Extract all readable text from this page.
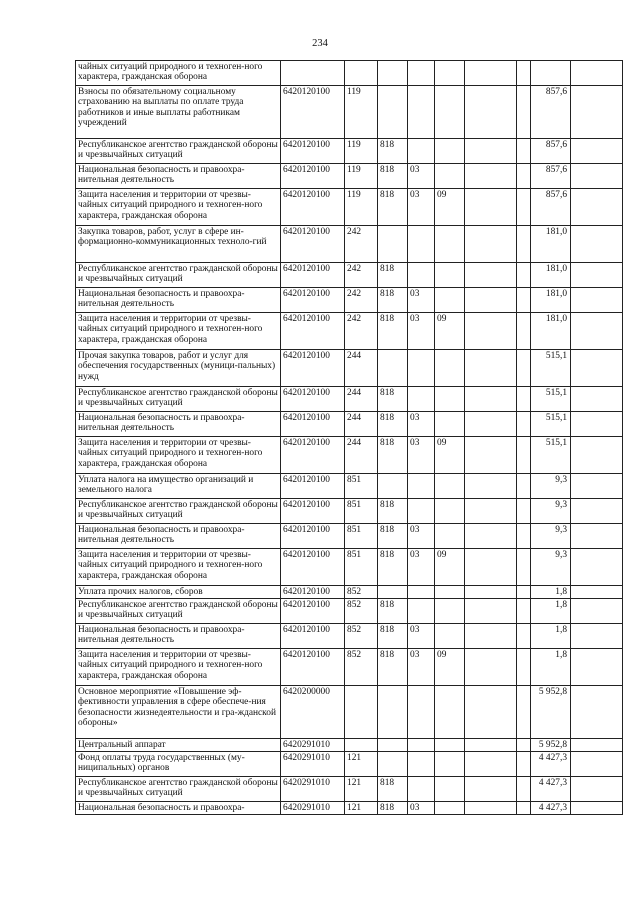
234
чайных ситуаций природного и техноген-ного характера, гражданская оборона									
Взносы по обязательному социальному страхованию на выплаты по оплате труда работников и иные выплаты работникам учреждений	6420120100	119						857,6	
Республиканское агентство гражданской обороны и чрезвычайных ситуаций	6420120100	119	818					857,6	
Национальная безопасность и правоохра-нительная деятельность	6420120100	119	818	03				857,6	
Защита населения и территории от чрезвы-чайных ситуаций природного и техноген-ного характера, гражданская оборона	6420120100	119	818	03	09			857,6	
Закупка товаров, работ, услуг в сфере ин-формационно-коммуникационных техноло-гий	6420120100	242						181,0	
Республиканское агентство гражданской обороны и чрезвычайных ситуаций	6420120100	242	818					181,0	
Национальная безопасность и правоохра-нительная деятельность	6420120100	242	818	03				181,0	
Защита населения и территории от чрезвы-чайных ситуаций природного и техноген-ного характера, гражданская оборона	6420120100	242	818	03	09			181,0	
Прочая закупка товаров, работ и услуг для обеспечения государственных (муници-пальных) нужд	6420120100	244						515,1	
Республиканское агентство гражданской обороны и чрезвычайных ситуаций	6420120100	244	818					515,1	
Национальная безопасность и правоохра-нительная деятельность	6420120100	244	818	03				515,1	
Защита населения и территории от чрезвы-чайных ситуаций природного и техноген-ного характера, гражданская оборона	6420120100	244	818	03	09			515,1	
Уплата налога на имущество организаций и земельного налога	6420120100	851						9,3	
Республиканское агентство гражданской обороны и чрезвычайных ситуаций	6420120100	851	818					9,3	
Национальная безопасность и правоохра-нительная деятельность	6420120100	851	818	03				9,3	
Защита населения и территории от чрезвы-чайных ситуаций природного и техноген-ного характера, гражданская оборона	6420120100	851	818	03	09			9,3	
Уплата прочих налогов, сборов	6420120100	852						1,8	
Республиканское агентство гражданской обороны и чрезвычайных ситуаций	6420120100	852	818					1,8	
Национальная безопасность и правоохра-нительная деятельность	6420120100	852	818	03				1,8	
Защита населения и территории от чрезвы-чайных ситуаций природного и техноген-ного характера, гражданская оборона	6420120100	852	818	03	09			1,8	
Основное мероприятие «Повышение эф-фективности управления в сфере обеспече-ния безопасности жизнедеятельности и гра-жданской обороны»	6420200000							5 952,8	
Центральный аппарат	6420291010							5 952,8	
Фонд оплаты труда государственных (му-ниципальных) органов	6420291010	121						4 427,3	
Республиканское агентство гражданской обороны и чрезвычайных ситуаций	6420291010	121	818					4 427,3	
Национальная безопасность и правоохра-	6420291010	121	818	03				4 427,3	
